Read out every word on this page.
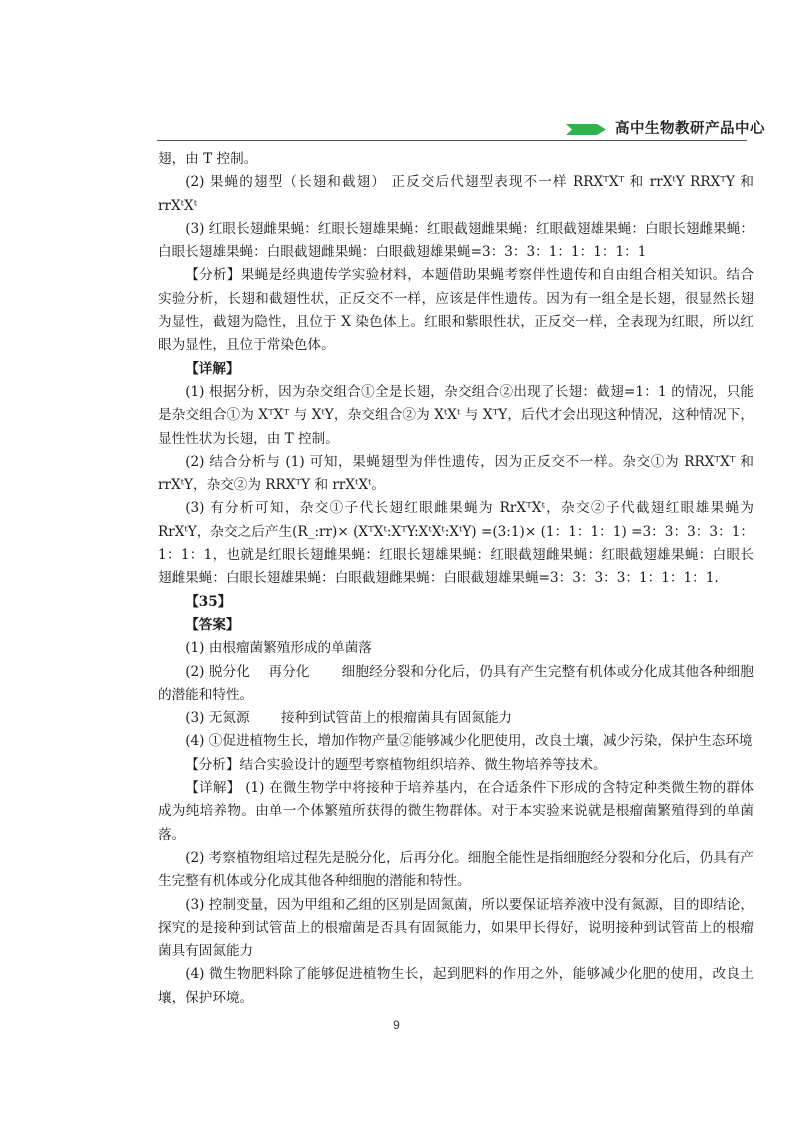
高中生物教研产品中心

翅，由 T 控制。

(2) 果蝇的翅型（长翅和截翅） 正反交后代翅型表现不一样 RRXᵀXᵀ 和 rrXᵗY RRXᵀY 和 rrXᵗXᵗ

(3) 红眼长翅雌果蝇：红眼长翅雄果蝇：红眼截翅雌果蝇：红眼截翅雄果蝇：白眼长翅雌果蝇：白眼长翅雄果蝇：白眼截翅雌果蝇：白眼截翅雄果蝇=3：3：3：1：1：1：1：1

【分析】果蝇是经典遗传学实验材料，本题借助果蝇考察伴性遗传和自由组合相关知识。结合实验分析，长翅和截翅性状，正反交不一样，应该是伴性遗传。因为有一组全是长翅，很显然长翅为显性，截翅为隐性，且位于 X 染色体上。红眼和紫眼性状，正反交一样，全表现为红眼，所以红眼为显性，且位于常染色体。

【详解】

(1) 根据分析，因为杂交组合①全是长翅，杂交组合②出现了长翅：截翅=1：1 的情况，只能是杂交组合①为 XᵀXᵀ 与 XᵗY，杂交组合②为 XᵗXᵗ 与 XᵀY，后代才会出现这种情况，这种情况下，显性性状为长翅，由 T 控制。

(2) 结合分析与 (1) 可知，果蝇翅型为伴性遗传，因为正反交不一样。杂交①为 RRXᵀXᵀ 和 rrXᵗY，杂交②为 RRXᵀY 和 rrXᵗXᵗ。

(3) 有分析可知，杂交①子代长翅红眼雌果蝇为 RrXᵀXᵗ，杂交②子代截翅红眼雄果蝇为 RrXᵗY，杂交之后产生(R_:rr)× (XᵀXᵗ:XᵀY:XᵗXᵗ:XᵗY) =(3:1)× (1：1：1：1) =3：3：3：3：1：1：1：1，也就是红眼长翅雌果蝇：红眼长翅雄果蝇：红眼截翅雌果蝇：红眼截翅雄果蝇：白眼长翅雌果蝇：白眼长翅雄果蝇：白眼截翅雌果蝇：白眼截翅雄果蝇=3：3：3：3：1：1：1：1.

【35】

【答案】

(1) 由根瘤菌繁殖形成的单菌落

(2) 脱分化　 再分化　　 细胞经分裂和分化后，仍具有产生完整有机体或分化成其他各种细胞的潜能和特性。

(3) 无氮源　　 接种到试管苗上的根瘤菌具有固氮能力

(4) ①促进植物生长，增加作物产量②能够减少化肥使用，改良土壤，减少污染，保护生态环境

【分析】结合实验设计的题型考察植物组织培养、微生物培养等技术。

【详解】 (1) 在微生物学中将接种于培养基内，在合适条件下形成的含特定种类微生物的群体成为纯培养物。由单一个体繁殖所获得的微生物群体。对于本实验来说就是根瘤菌繁殖得到的单菌落。

(2) 考察植物组培过程先是脱分化，后再分化。细胞全能性是指细胞经分裂和分化后，仍具有产生完整有机体或分化成其他各种细胞的潜能和特性。

(3) 控制变量，因为甲组和乙组的区别是固氮菌，所以要保证培养液中没有氮源，目的即结论，探究的是接种到试管苗上的根瘤菌是否具有固氮能力，如果甲长得好，说明接种到试管苗上的根瘤菌具有固氮能力

(4) 微生物肥料除了能够促进植物生长，起到肥料的作用之外，能够减少化肥的使用，改良土壤，保护环境。

9
